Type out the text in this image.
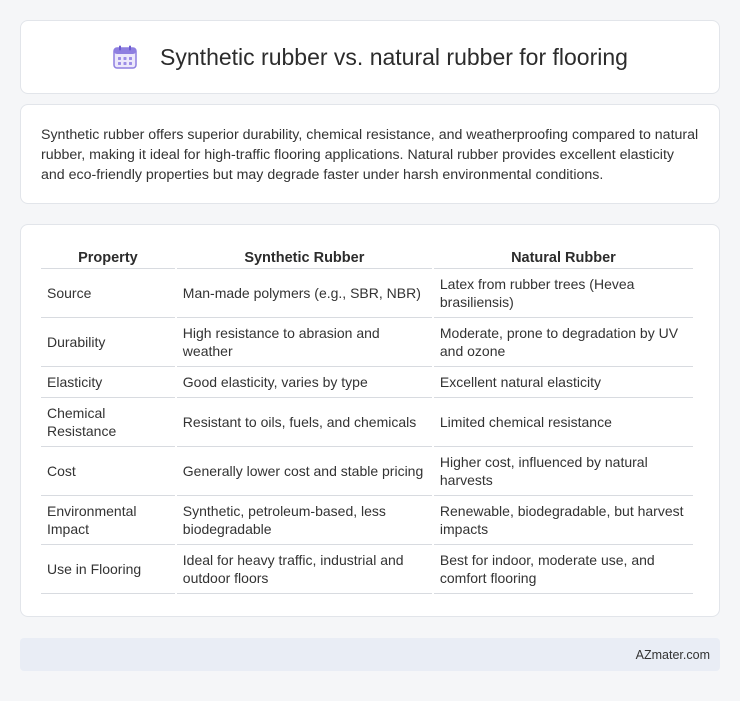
Synthetic rubber vs. natural rubber for flooring

Synthetic rubber offers superior durability, chemical resistance, and weatherproofing compared to natural rubber, making it ideal for high-traffic flooring applications. Natural rubber provides excellent elasticity and eco-friendly properties but may degrade faster under harsh environmental conditions.

Property	Synthetic Rubber	Natural Rubber
Source	Man-made polymers (e.g., SBR, NBR)	Latex from rubber trees (Hevea brasiliensis)
Durability	High resistance to abrasion and weather	Moderate, prone to degradation by UV and ozone
Elasticity	Good elasticity, varies by type	Excellent natural elasticity
Chemical Resistance	Resistant to oils, fuels, and chemicals	Limited chemical resistance
Cost	Generally lower cost and stable pricing	Higher cost, influenced by natural harvests
Environmental Impact	Synthetic, petroleum-based, less biodegradable	Renewable, biodegradable, but harvest impacts
Use in Flooring	Ideal for heavy traffic, industrial and outdoor floors	Best for indoor, moderate use, and comfort flooring
AZmater.com
